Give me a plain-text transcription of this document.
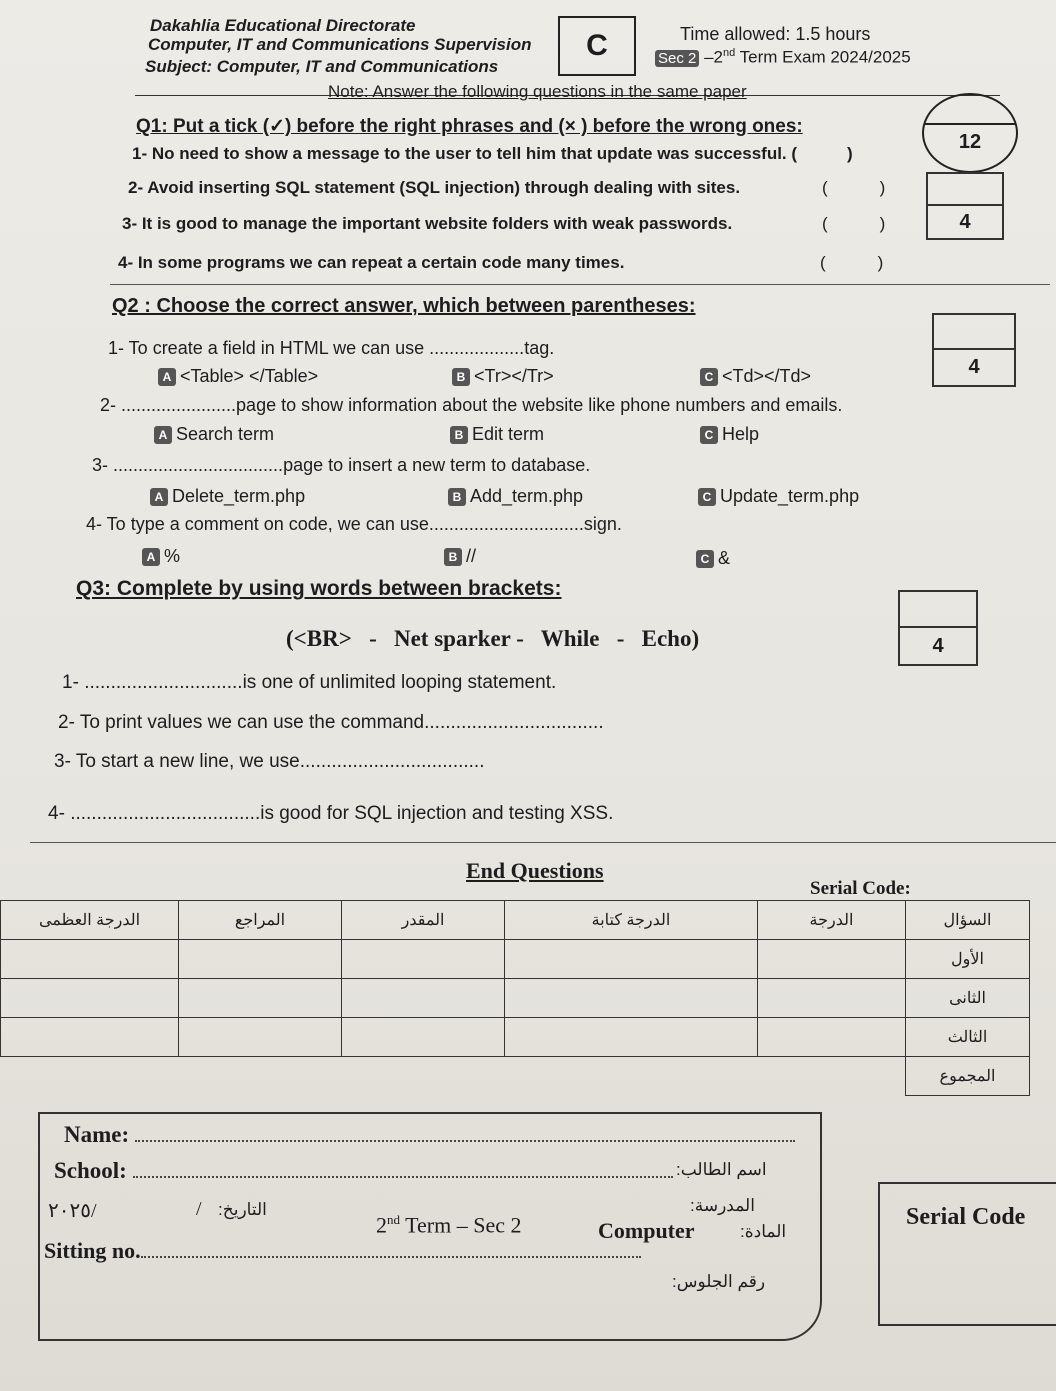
Dakahlia Educational Directorate
Computer, IT and Communications Supervision
Subject: Computer, IT and Communications
C	Time allowed: 1.5 hours
Sec 2 –2nd Term Exam 2024/2025
Note: Answer the following questions in the same paper
Q1: Put a tick (✓) before the right phrases and (× ) before the wrong ones:
12
1- No need to show a message to the user to tell him that update was successful. (	)
2- Avoid inserting SQL statement (SQL injection) through dealing with sites.	(	)
3- It is good to manage the important website folders with weak passwords.	(	)
4- In some programs we can repeat a certain code many times.	(	)
4
Q2 : Choose the correct answer, which between parentheses:
4
1- To create a field in HTML we can use ...................tag.
A <Table> </Table>	B <Tr></Tr>	C <Td></Td>
2- .......................page to show information about the website like phone numbers and emails.
A Search term	B Edit term	C Help
3- ..................................page to insert a new term to database.
A Delete_term.php	B Add_term.php	C Update_term.php
4- To type a comment on code, we can use...............................sign.
A %	B //	C &
Q3: Complete by using words between brackets:
4
(<BR>   -   Net sparker -   While   -   Echo)
1- ..............................is one of unlimited looping statement.
2- To print values we can use the command..................................
3- To start a new line, we use...................................
4- ....................................is good for SQL injection and testing XSS.
End Questions
Serial Code:
الدرجة العظمى	المراجع	المقدر	الدرجة كتابة	الدرجة	السؤال
					الأول
					الثانى
					الثالث
					المجموع
Name:
:اسم الطالب
School:
:المدرسة
٢٠٢٥/	/ :التاريخ
2nd Term – Sec 2	Computer	:المادة
Sitting no.
:رقم الجلوس
Serial Code
